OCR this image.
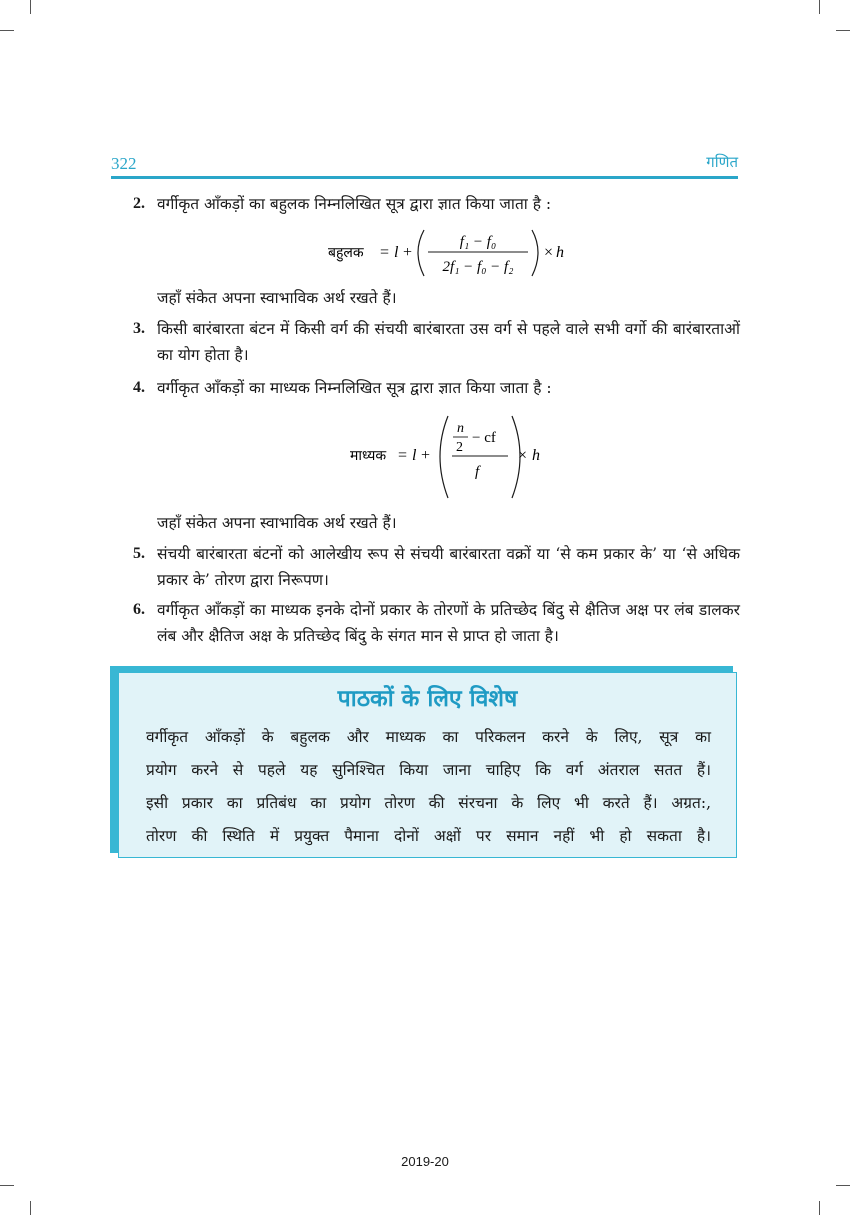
322	गणित
2. वर्गीकृत आँकड़ों का बहुलक निम्नलिखित सूत्र द्वारा ज्ञात किया जाता है :
बहुलक = l +
f₁ − f₀
2f₁ − f₀ − f₂
× h
जहाँ संकेत अपना स्वाभाविक अर्थ रखते हैं।
3. किसी बारंबारता बंटन में किसी वर्ग की संचयी बारंबारता उस वर्ग से पहले वाले सभी वर्गो की बारंबारताओं का योग होता है।
4. वर्गीकृत आँकड़ों का माध्यक निम्नलिखित सूत्र द्वारा ज्ञात किया जाता है :
माध्यक = l +
n
2
− cf
f
× h
जहाँ संकेत अपना स्वाभाविक अर्थ रखते हैं।
5. संचयी बारंबारता बंटनों को आलेखीय रूप से संचयी बारंबारता वक्रों या ‘से कम प्रकार के’ या ‘से अधिक प्रकार के’ तोरण द्वारा निरूपण।
6. वर्गीकृत आँकड़ों का माध्यक इनके दोनों प्रकार के तोरणों के प्रतिच्छेद बिंदु से क्षैतिज अक्ष पर लंब डालकर लंब और क्षैतिज अक्ष के प्रतिच्छेद बिंदु के संगत मान से प्राप्त हो जाता है।
पाठकों के लिए विशेष
वर्गीकृत आँकड़ों के बहुलक और माध्यक का परिकलन करने के लिए, सूत्र का
प्रयोग करने से पहले यह सुनिश्चित किया जाना चाहिए कि वर्ग अंतराल सतत हैं।
इसी प्रकार का प्रतिबंध का प्रयोग तोरण की संरचना के लिए भी करते हैं। अग्रत:,
तोरण की स्थिति में प्रयुक्त पैमाना दोनों अक्षों पर समान नहीं भी हो सकता है।
2019-20
